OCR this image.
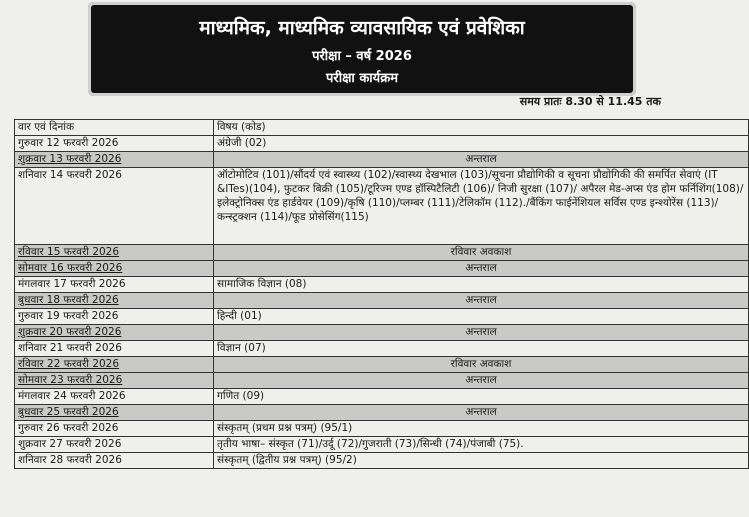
माध्यमिक, माध्यमिक व्यावसायिक एवं प्रवेशिका
परीक्षा – वर्ष 2026
परीक्षा कार्यक्रम
समय प्रातः 8.30 से 11.45 तक
वार एवं दिनांक	विषय (कोड)
गुरुवार 12 फरवरी 2026	अंग्रेजी (02)
शुक्रवार 13 फरवरी 2026	अन्तराल
शनिवार 14 फरवरी 2026	ऑटोमोटिव (101)/सौंदर्य एवं स्वास्थ्य (102)/स्वास्थ्य देखभाल (103)/सूचना प्रौद्योगिकी व सूचना प्रौद्योगिकी की समर्पित सेवाएं (IT &ITes)(104), फुटकर बिक्री (105)/टूरिज्म एण्ड हॉस्पिटैलिटी (106)/ निजी सुरक्षा (107)/ अपैरल मेड-अप्स एंड होम फर्निशिंग(108)/इलेक्ट्रोनिक्स एंड हार्डवेयर (109)/कृषि (110)/प्लम्बर (111)/टेलिकॉम (112)./बैंकिंग फाईनेंशियल सर्विस एण्ड इन्श्योरेंस (113)/ कन्स्ट्रक्शन (114)/फूड प्रोसेसिंग(115)
रविवार 15 फरवरी 2026	रविवार अवकाश
सोमवार 16 फरवरी 2026	अन्तराल
मंगलवार 17 फरवरी 2026	सामाजिक विज्ञान (08)
बुधवार 18 फरवरी 2026	अन्तराल
गुरुवार 19 फरवरी 2026	हिन्दी (01)
शुक्रवार 20 फरवरी 2026	अन्तराल
शनिवार 21 फरवरी 2026	विज्ञान (07)
रविवार 22 फरवरी 2026	रविवार अवकाश
सोमवार 23 फरवरी 2026	अन्तराल
मंगलवार 24 फरवरी 2026	गणित (09)
बुधवार 25 फरवरी 2026	अन्तराल
गुरुवार 26 फरवरी 2026	संस्कृतम् (प्रथम प्रश्न पत्रम्) (95/1)
शुक्रवार 27 फरवरी 2026	तृतीय भाषा– संस्कृत (71)/उर्दू (72)/गुजराती (73)/सिन्धी (74)/पंजाबी (75).
शनिवार 28 फरवरी 2026	संस्कृतम् (द्वितीय प्रश्न पत्रम्) (95/2)
